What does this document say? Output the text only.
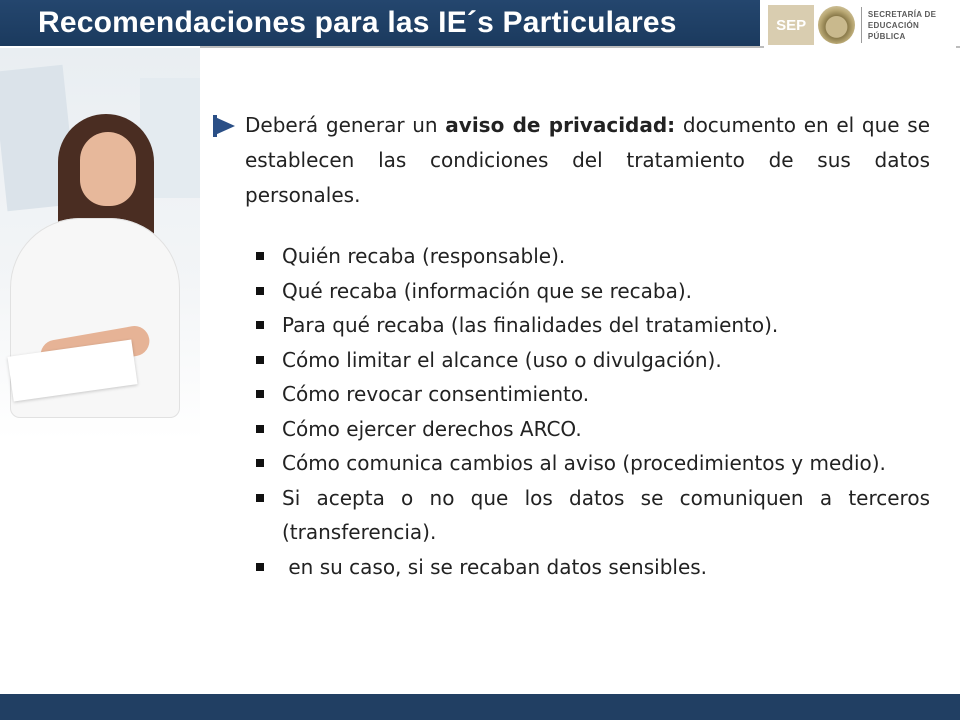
Recomendaciones para las IE´s Particulares	SEP
SECRETARÍA DE
EDUCACIÓN PÚBLICA
Deberá generar un aviso de privacidad: documento en el que se establecen las condiciones del tratamiento de sus datos personales.
Quién recaba (responsable).
Qué recaba (información que se recaba).
Para qué recaba (las finalidades del tratamiento).
Cómo limitar el alcance (uso o divulgación).
Cómo revocar consentimiento.
Cómo ejercer derechos ARCO.
Cómo comunica cambios al aviso (procedimientos y medio).
Si acepta o no que los datos se comuniquen a terceros (transferencia).
en su caso, si se recaban datos sensibles.
